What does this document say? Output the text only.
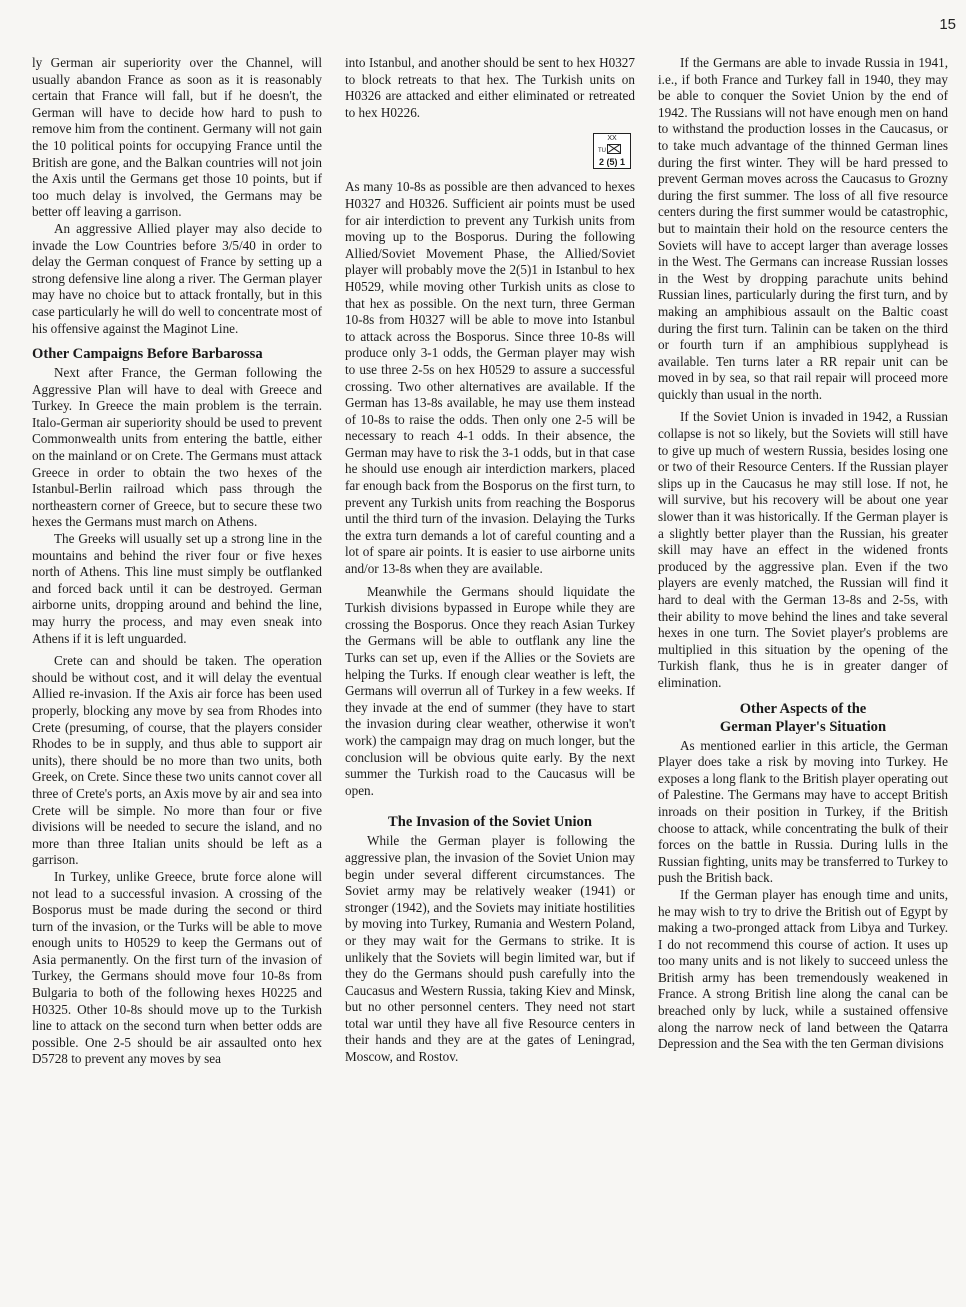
15

ly German air superiority over the Channel, will usually abandon France as soon as it is reasonably certain that France will fall, but if he doesn't, the German will have to decide how hard to push to remove him from the continent. Germany will not gain the 10 political points for occupying France until the British are gone, and the Balkan countries will not join the Axis until the Germans get those 10 points, but if too much delay is involved, the Germans may be better off leaving a garrison.

An aggressive Allied player may also decide to invade the Low Countries before 3/5/40 in order to delay the German conquest of France by setting up a strong defensive line along a river. The German player may have no choice but to attack frontally, but in this case particularly he will do well to concentrate most of his offensive against the Maginot Line.

Other Campaigns Before Barbarossa

Next after France, the German following the Aggressive Plan will have to deal with Greece and Turkey. In Greece the main problem is the terrain. Italo-German air superiority should be used to prevent Commonwealth units from entering the battle, either on the mainland or on Crete. The Germans must attack Greece in order to obtain the two hexes of the Istanbul-Berlin railroad which pass through the northeastern corner of Greece, but to secure these two hexes the Germans must march on Athens.

The Greeks will usually set up a strong line in the mountains and behind the river four or five hexes north of Athens. This line must simply be outflanked and forced back until it can be destroyed. German airborne units, dropping around and behind the line, may hurry the process, and may even sneak into Athens if it is left unguarded.

Crete can and should be taken. The operation should be without cost, and it will delay the eventual Allied re-invasion. If the Axis air force has been used properly, blocking any move by sea from Rhodes into Crete (presuming, of course, that the players consider Rhodes to be in supply, and thus able to support air units), there should be no more than two units, both Greek, on Crete. Since these two units cannot cover all three of Crete's ports, an Axis move by air and sea into Crete will be simple. No more than four or five divisions will be needed to secure the island, and no more than three Italian units should be left as a garrison.

In Turkey, unlike Greece, brute force alone will not lead to a successful invasion. A crossing of the Bosporus must be made during the second or third turn of the invasion, or the Turks will be able to move enough units to H0529 to keep the Germans out of Asia permanently. On the first turn of the invasion of Turkey, the Germans should move four 10-8s from Bulgaria to both of the following hexes H0225 and H0325. Other 10-8s should move up to the Turkish line to attack on the second turn when better odds are possible. One 2-5 should be air assaulted onto hex D5728 to prevent any moves by sea

into Istanbul, and another should be sent to hex H0327 to block retreats to that hex. The Turkish units on H0326 are attacked and either eliminated or retreated to hex H0226.

XX
TU
2 (5) 1

As many 10-8s as possible are then advanced to hexes H0327 and H0326. Sufficient air points must be used for air interdiction to prevent any Turkish units from moving up to the Bosporus. During the following Allied/Soviet Movement Phase, the Allied/Soviet player will probably move the 2(5)1 in Istanbul to hex H0529, while moving other Turkish units as close to that hex as possible. On the next turn, three German 10-8s from H0327 will be able to move into Istanbul to attack across the Bosporus. Since three 10-8s will produce only 3-1 odds, the German player may wish to use three 2-5s on hex H0529 to assure a successful crossing. Two other alternatives are available. If the German has 13-8s available, he may use them instead of 10-8s to raise the odds. Then only one 2-5 will be necessary to reach 4-1 odds. In their absence, the German may have to risk the 3-1 odds, but in that case he should use enough air interdiction markers, placed far enough back from the Bosporus on the first turn, to prevent any Turkish units from reaching the Bosporus until the third turn of the invasion. Delaying the Turks the extra turn demands a lot of careful counting and a lot of spare air points. It is easier to use airborne units and/or 13-8s when they are available.

Meanwhile the Germans should liquidate the Turkish divisions bypassed in Europe while they are crossing the Bosporus. Once they reach Asian Turkey the Germans will be able to outflank any line the Turks can set up, even if the Allies or the Soviets are helping the Turks. If enough clear weather is left, the Germans will overrun all of Turkey in a few weeks. If they invade at the end of summer (they have to start the invasion during clear weather, otherwise it won't work) the campaign may drag on much longer, but the conclusion will be obvious quite early. By the next summer the Turkish road to the Caucasus will be open.

The Invasion of the Soviet Union

While the German player is following the aggressive plan, the invasion of the Soviet Union may begin under several different circumstances. The Soviet army may be relatively weaker (1941) or stronger (1942), and the Soviets may initiate hostilities by moving into Turkey, Rumania and Western Poland, or they may wait for the Germans to strike. It is unlikely that the Soviets will begin limited war, but if they do the Germans should push carefully into the Caucasus and Western Russia, taking Kiev and Minsk, but no other personnel centers. They need not start total war until they have all five Resource centers in their hands and they are at the gates of Leningrad, Moscow, and Rostov.

If the Germans are able to invade Russia in 1941, i.e., if both France and Turkey fall in 1940, they may be able to conquer the Soviet Union by the end of 1942. The Russians will not have enough men on hand to withstand the production losses in the Caucasus, or to take much advantage of the thinned German lines during the first winter. They will be hard pressed to prevent German moves across the Caucasus to Grozny during the first summer. The loss of all five resource centers during the first summer would be catastrophic, but to maintain their hold on the resource centers the Soviets will have to accept larger than average losses in the West. The Germans can increase Russian losses in the West by dropping parachute units behind Russian lines, particularly during the first turn, and by making an amphibious assault on the Baltic coast during the first turn. Talinin can be taken on the third or fourth turn if an amphibious supplyhead is available. Ten turns later a RR repair unit can be moved in by sea, so that rail repair will proceed more quickly than usual in the north.

If the Soviet Union is invaded in 1942, a Russian collapse is not so likely, but the Soviets will still have to give up much of western Russia, besides losing one or two of their Resource Centers. If the Russian player slips up in the Caucasus he may still lose. If not, he will survive, but his recovery will be about one year slower than it was historically. If the German player is a slightly better player than the Russian, his greater skill may have an effect in the widened fronts produced by the aggressive plan. Even if the two players are evenly matched, the Russian will find it hard to deal with the German 13-8s and 2-5s, with their ability to move behind the lines and take several hexes in one turn. The Soviet player's problems are multiplied in this situation by the opening of the Turkish flank, thus he is in greater danger of elimination.

Other Aspects of the
German Player's Situation

As mentioned earlier in this article, the German Player does take a risk by moving into Turkey. He exposes a long flank to the British player operating out of Palestine. The Germans may have to accept British inroads on their position in Turkey, if the British choose to attack, while concentrating the bulk of their forces on the battle in Russia. During lulls in the Russian fighting, units may be transferred to Turkey to push the British back.

If the German player has enough time and units, he may wish to try to drive the British out of Egypt by making a two-pronged attack from Libya and Turkey. I do not recommend this course of action. It uses up too many units and is not likely to succeed unless the British army has been tremendously weakened in France. A strong British line along the canal can be breached only by luck, while a sustained offensive along the narrow neck of land between the Qatarra Depression and the Sea with the ten German divisions
